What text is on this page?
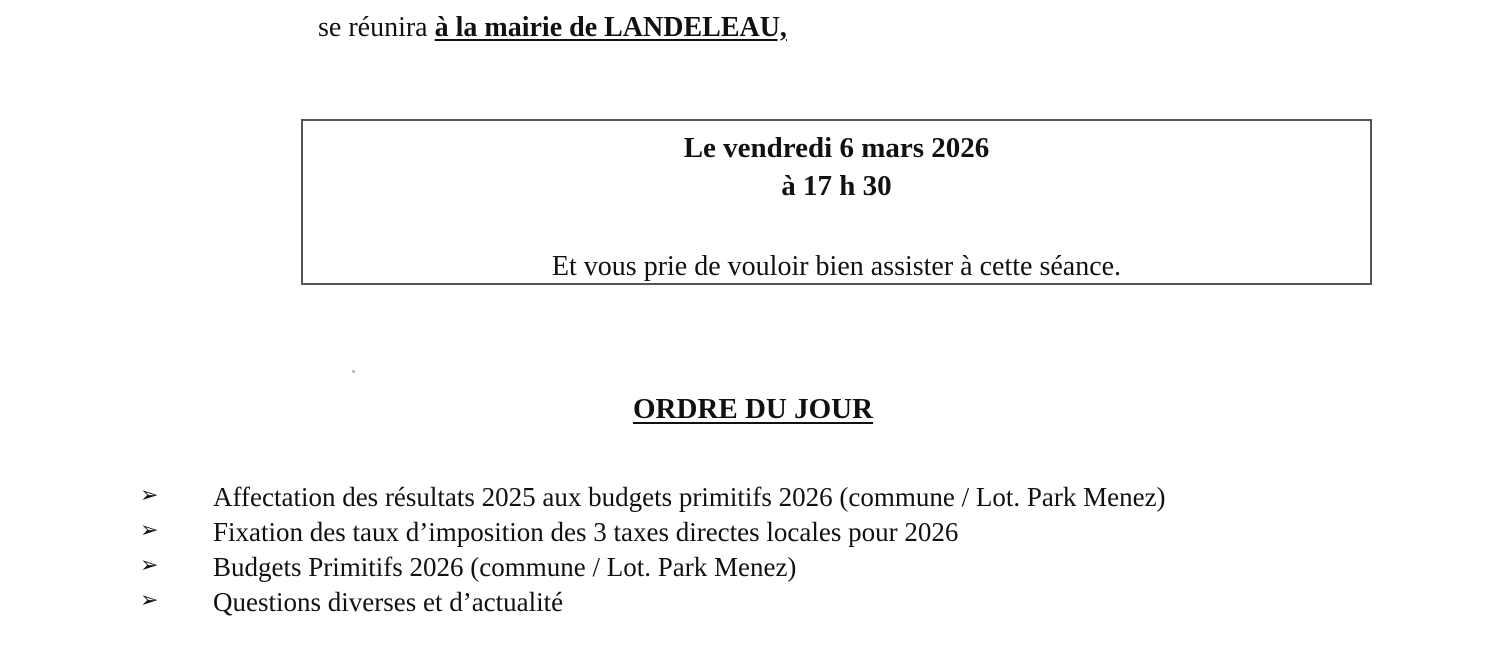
se réunira à la mairie de LANDELEAU,
Le vendredi 6 mars 2026
à 17 h 30
Et vous prie de vouloir bien assister à cette séance.
ORDRE DU JOUR
➢ Affectation des résultats 2025 aux budgets primitifs 2026 (commune / Lot. Park Menez)
➢ Fixation des taux d’imposition des 3 taxes directes locales pour 2026
➢ Budgets Primitifs 2026 (commune / Lot. Park Menez)
➢ Questions diverses et d’actualité
